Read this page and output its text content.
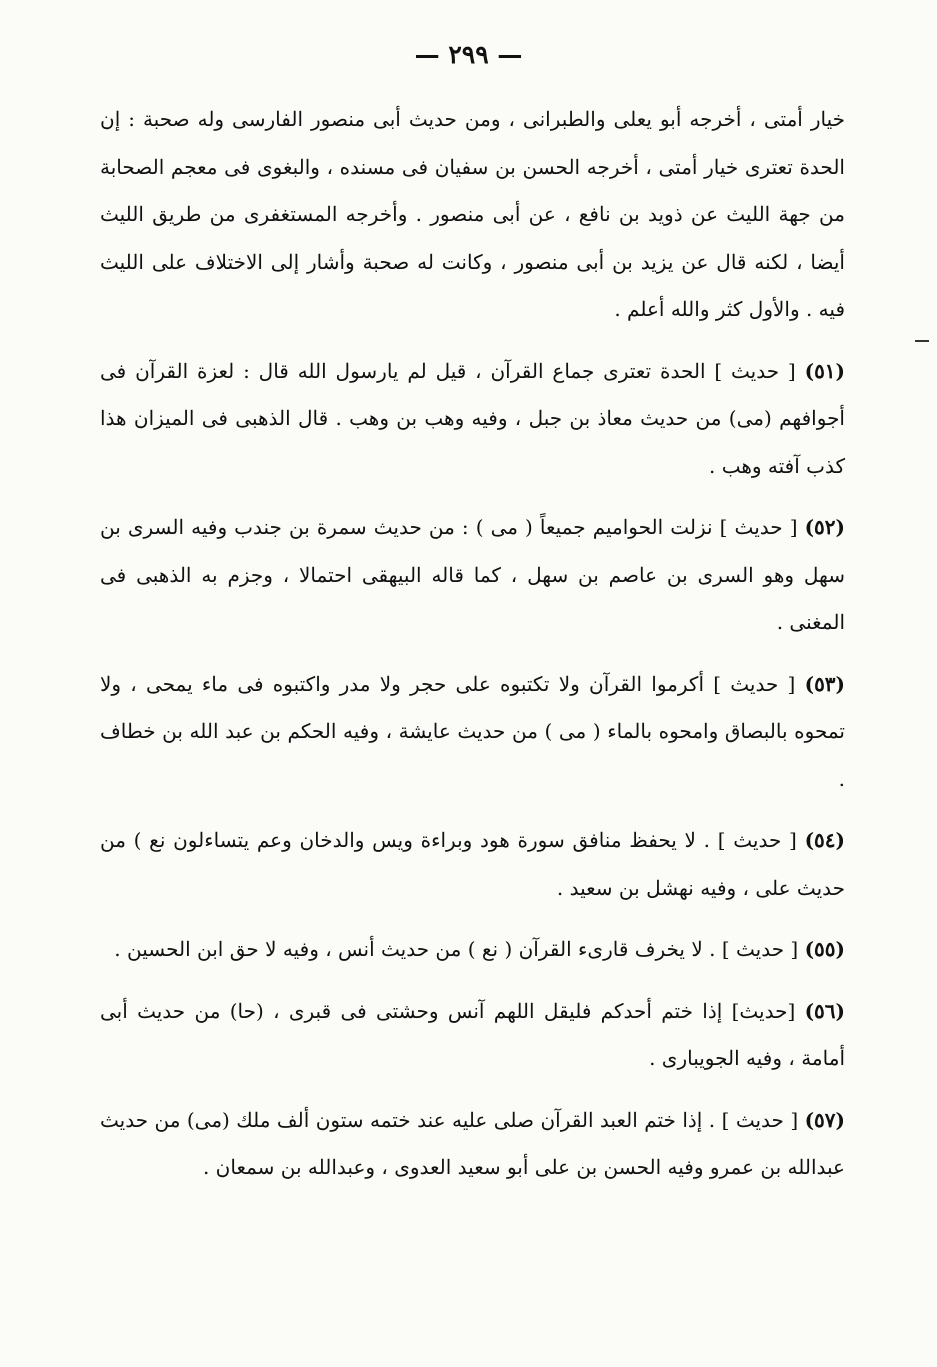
— ٢٩٩ —

خيار أمتى ، أخرجه أبو يعلى والطبرانى ، ومن حديث أبى منصور الفارسى وله صحبة : إن الحدة تعترى خيار أمتى ، أخرجه الحسن بن سفيان فى مسنده ، والبغوى فى معجم الصحابة من جهة الليث عن ذويد بن نافع ، عن أبى منصور . وأخرجه المستغفرى من طريق الليث أيضا ، لكنه قال عن يزيد بن أبى منصور ، وكانت له صحبة وأشار إلى الاختلاف على الليث فيه . والأول كثر والله أعلم .

(٥١) [ حديث ] الحدة تعترى جماع القرآن ، قيل لم يارسول الله قال : لعزة القرآن فى أجوافهم (مى) من حديث معاذ بن جبل ، وفيه وهب بن وهب . قال الذهبى فى الميزان هذا كذب آفته وهب .

(٥٢) [ حديث ] نزلت الحواميم جميعاً ( مى ) : من حديث سمرة بن جندب وفيه السرى بن سهل وهو السرى بن عاصم بن سهل ، كما قاله البيهقى احتمالا ، وجزم به الذهبى فى المغنى .

(٥٣) [ حديث ] أكرموا القرآن ولا تكتبوه على حجر ولا مدر واكتبوه فى ماء يمحى ، ولا تمحوه بالبصاق وامحوه بالماء ( مى ) من حديث عايشة ، وفيه الحكم بن عبد الله بن خطاف .

(٥٤) [ حديث ] . لا يحفظ منافق سورة هود وبراءة ويس والدخان وعم يتساءلون نع ) من حديث على ، وفيه نهشل بن سعيد .

(٥٥) [ حديث ] . لا يخرف قارىء القرآن ( نع ) من حديث أنس ، وفيه لا حق ابن الحسين .

(٥٦) [حديث] إذا ختم أحدكم فليقل اللهم آنس وحشتى فى قبرى ، (حا) من حديث أبى أمامة ، وفيه الجويبارى .

(٥٧) [ حديث ] . إذا ختم العبد القرآن صلى عليه عند ختمه ستون ألف ملك (مى) من حديث عبدالله بن عمرو وفيه الحسن بن على أبو سعيد العدوى ، وعبدالله بن سمعان .
